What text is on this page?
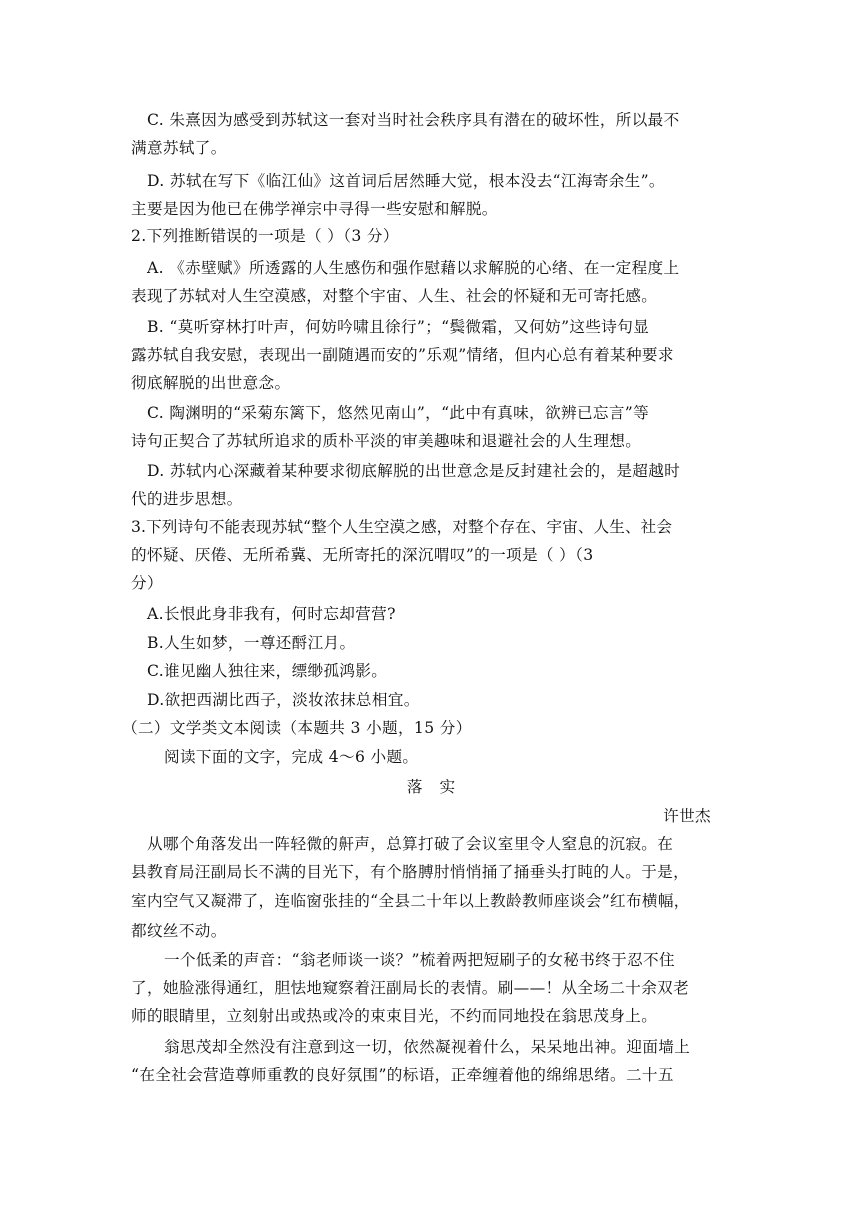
C. 朱熹因为感受到苏轼这一套对当时社会秩序具有潜在的破坏性，所以最不
满意苏轼了。
D. 苏轼在写下《临江仙》这首词后居然睡大觉，根本没去“江海寄余生”。
主要是因为他已在佛学禅宗中寻得一些安慰和解脱。
2.下列推断错误的一项是（ ）（3 分）
A. 《赤壁赋》所透露的人生感伤和强作慰藉以求解脱的心绪、在一定程度上
表现了苏轼对人生空漠感，对整个宇宙、人生、社会的怀疑和无可寄托感。
B. “莫听穿林打叶声，何妨吟啸且徐行”；“鬓微霜，又何妨”这些诗句显
露苏轼自我安慰，表现出一副随遇而安的”乐观”情绪，但内心总有着某种要求
彻底解脱的出世意念。
C. 陶渊明的“采菊东篱下，悠然见南山”，“此中有真味，欲辨已忘言”等
诗句正契合了苏轼所追求的质朴平淡的审美趣味和退避社会的人生理想。
D. 苏轼内心深藏着某种要求彻底解脱的出世意念是反封建社会的，是超越时
代的进步思想。
3.下列诗句不能表现苏轼“整个人生空漠之感，对整个存在、宇宙、人生、社会
的怀疑、厌倦、无所希冀、无所寄托的深沉喟叹”的一项是（ ）（3
分）
A.长恨此身非我有，何时忘却营营?
B.人生如梦，一尊还酹江月。
C.谁见幽人独往来，缥缈孤鸿影。
D.欲把西湖比西子，淡妆浓抹总相宜。
（二）文学类文本阅读（本题共 3 小题，15 分）
阅读下面的文字，完成 4～6 小题。
落 实
许世杰
从哪个角落发出一阵轻微的鼾声，总算打破了会议室里令人窒息的沉寂。在
县教育局汪副局长不满的目光下，有个胳膊肘悄悄捅了捅垂头打盹的人。于是，
室内空气又凝滞了，连临窗张挂的“全县二十年以上教龄教师座谈会”红布横幅，
都纹丝不动。
一个低柔的声音：“翁老师谈一谈？”梳着两把短刷子的女秘书终于忍不住
了，她脸涨得通红，胆怯地窥察着汪副局长的表情。刷——！从全场二十余双老
师的眼睛里，立刻射出或热或冷的束束目光，不约而同地投在翁思茂身上。
翁思茂却全然没有注意到这一切，依然凝视着什么，呆呆地出神。迎面墙上
“在全社会营造尊师重教的良好氛围”的标语，正牵缠着他的绵绵思绪。二十五
